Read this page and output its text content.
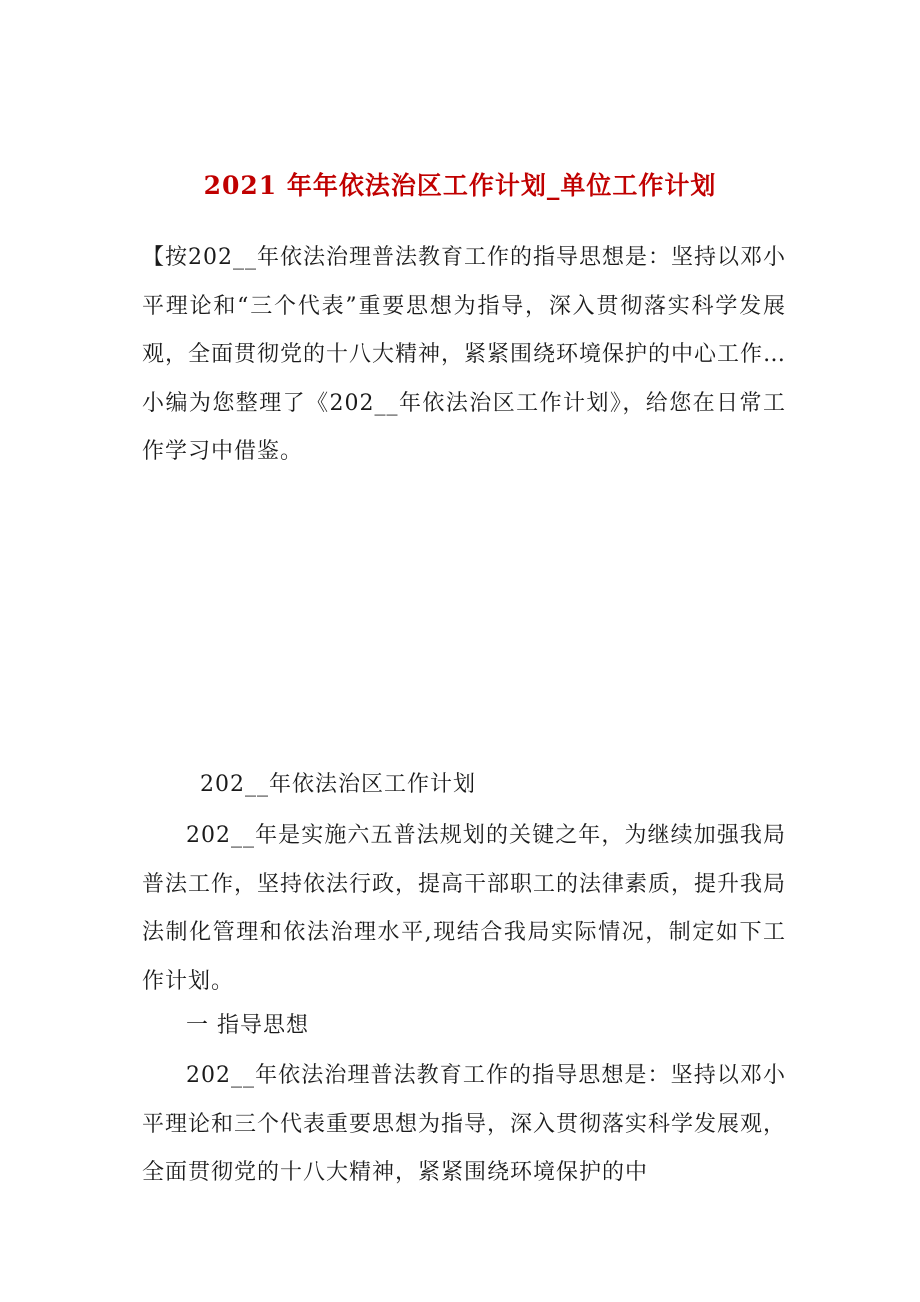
2021 年年依法治区工作计划_单位工作计划
【按202__年依法治理普法教育工作的指导思想是：坚持以邓小平理论和“三个代表”重要思想为指导，深入贯彻落实科学发展观，全面贯彻党的十八大精神，紧紧围绕环境保护的中心工作…小编为您整理了《202__年依法治区工作计划》，给您在日常工作学习中借鉴。
202__年依法治区工作计划
202__年是实施六五普法规划的关键之年，为继续加强我局普法工作，坚持依法行政，提高干部职工的法律素质，提升我局法制化管理和依法治理水平,现结合我局实际情况，制定如下工作计划。
一 指导思想
202__年依法治理普法教育工作的指导思想是：坚持以邓小平理论和三个代表重要思想为指导，深入贯彻落实科学发展观，全面贯彻党的十八大精神，紧紧围绕环境保护的中
